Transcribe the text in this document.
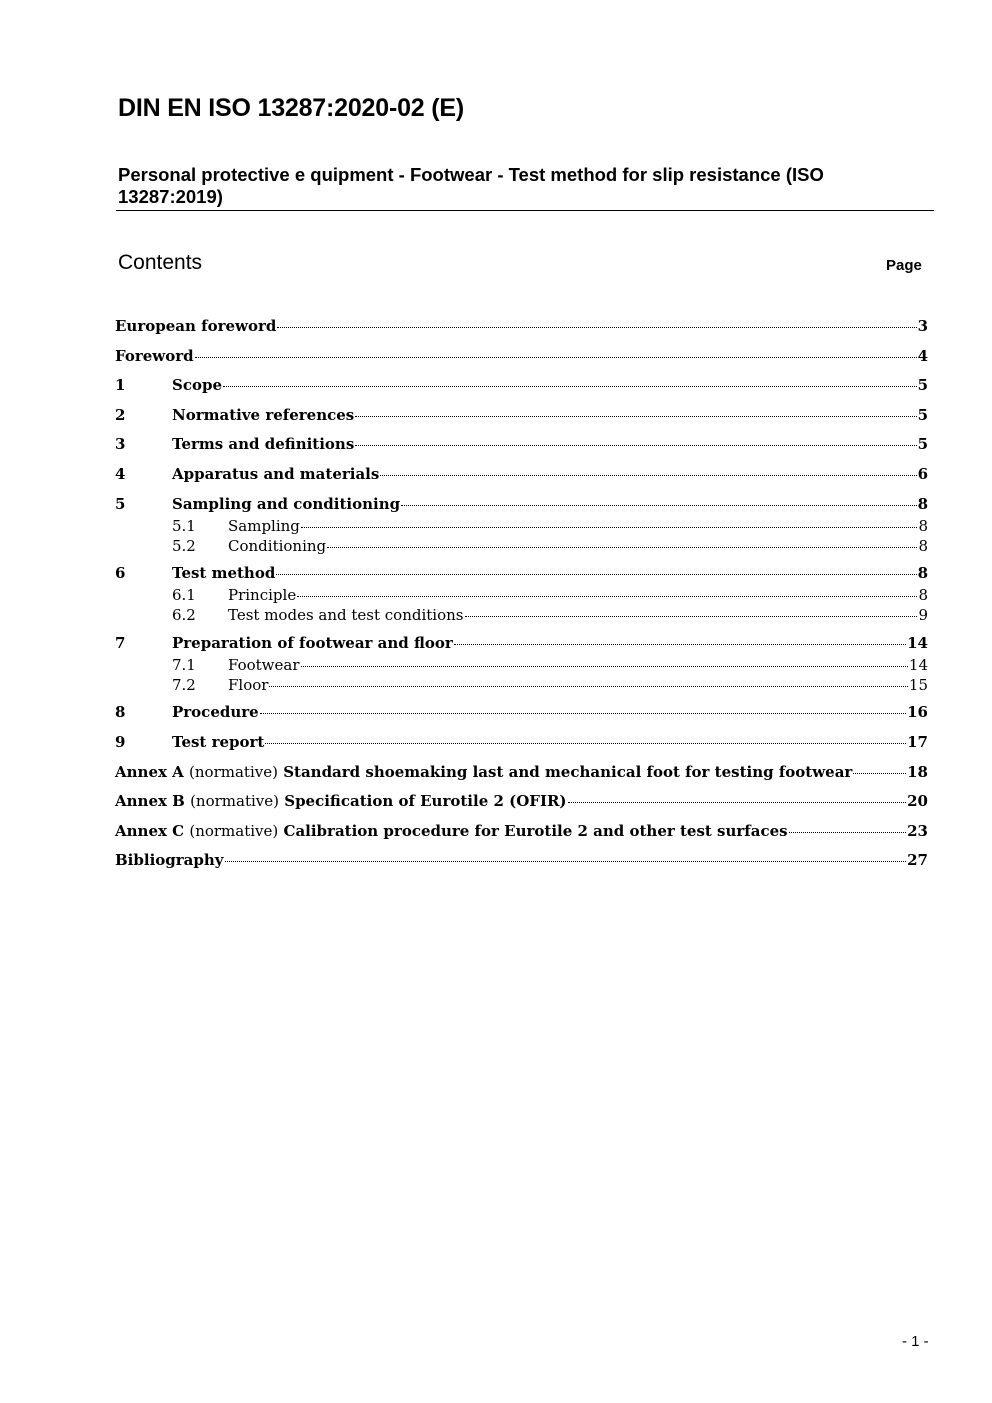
DIN EN ISO 13287:2020-02 (E)
Personal protective e quipment - Footwear - Test method for slip resistance (ISO 13287:2019)
Contents	Page
European foreword	3
Foreword	4
1	Scope	5
2	Normative references	5
3	Terms and definitions	5
4	Apparatus and materials	6
5	Sampling and conditioning	8
5.1	Sampling	8
5.2	Conditioning	8
6	Test method	8
6.1	Principle	8
6.2	Test modes and test conditions	9
7	Preparation of footwear and floor	14
7.1	Footwear	14
7.2	Floor	15
8	Procedure	16
9	Test report	17
Annex A (normative) Standard shoemaking last and mechanical foot for testing footwear	18
Annex B (normative) Specification of Eurotile 2 (OFIR)	20
Annex C (normative) Calibration procedure for Eurotile 2 and other test surfaces	23
Bibliography	27
- 1 -
